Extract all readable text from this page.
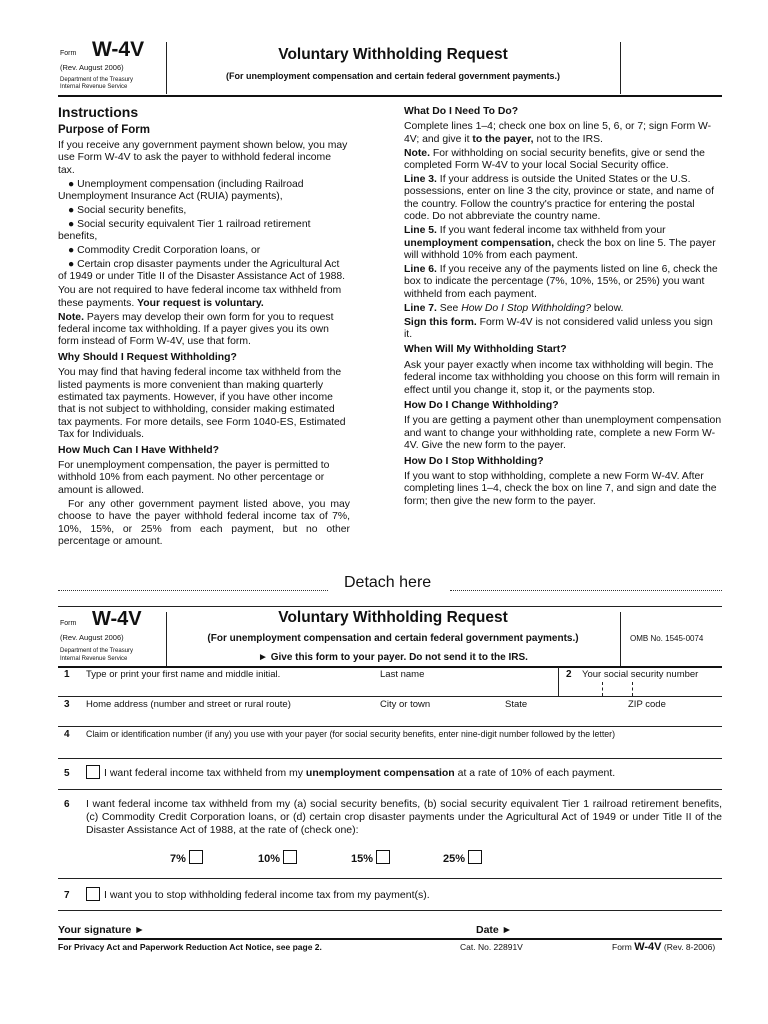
Form W-4V
(Rev. August 2006)
Department of the Treasury
Internal Revenue Service
Voluntary Withholding Request
(For unemployment compensation and certain federal government payments.)
Instructions
Purpose of Form

If you receive any government payment shown below, you may use Form W-4V to ask the payer to withhold federal income tax.

● Unemployment compensation (including Railroad Unemployment Insurance Act (RUIA) payments),

● Social security benefits,

● Social security equivalent Tier 1 railroad retirement benefits,

● Commodity Credit Corporation loans, or

● Certain crop disaster payments under the Agricultural Act of 1949 or under Title II of the Disaster Assistance Act of 1988.

You are not required to have federal income tax withheld from these payments. Your request is voluntary.

Note. Payers may develop their own form for you to request federal income tax withholding. If a payer gives you its own form instead of Form W-4V, use that form.

Why Should I Request Withholding?

You may find that having federal income tax withheld from the listed payments is more convenient than making quarterly estimated tax payments. However, if you have other income that is not subject to withholding, consider making estimated tax payments. For more details, see Form 1040-ES, Estimated Tax for Individuals.

How Much Can I Have Withheld?

For unemployment compensation, the payer is permitted to withhold 10% from each payment. No other percentage or amount is allowed.

For any other government payment listed above, you may choose to have the payer withhold federal income tax of 7%, 10%, 15%, or 25% from each payment, but no other percentage or amount.

What Do I Need To Do?

Complete lines 1–4; check one box on line 5, 6, or 7; sign Form W-4V; and give it to the payer, not to the IRS.

Note. For withholding on social security benefits, give or send the completed Form W-4V to your local Social Security office.

Line 3. If your address is outside the United States or the U.S. possessions, enter on line 3 the city, province or state, and name of the country. Follow the country's practice for entering the postal code. Do not abbreviate the country name.

Line 5. If you want federal income tax withheld from your unemployment compensation, check the box on line 5. The payer will withhold 10% from each payment.

Line 6. If you receive any of the payments listed on line 6, check the box to indicate the percentage (7%, 10%, 15%, or 25%) you want withheld from each payment.

Line 7. See How Do I Stop Withholding? below.

Sign this form. Form W-4V is not considered valid unless you sign it.

When Will My Withholding Start?

Ask your payer exactly when income tax withholding will begin. The federal income tax withholding you choose on this form will remain in effect until you change it, stop it, or the payments stop.

How Do I Change Withholding?

If you are getting a payment other than unemployment compensation and want to change your withholding rate, complete a new Form W-4V. Give the new form to the payer.

How Do I Stop Withholding?

If you want to stop withholding, complete a new Form W-4V. After completing lines 1–4, check the box on line 7, and sign and date the form; then give the new form to the payer.

Detach here
Form W-4V
(Rev. August 2006)
Department of the Treasury
Internal Revenue Service
Voluntary Withholding Request
(For unemployment compensation and certain federal government payments.)
► Give this form to your payer. Do not send it to the IRS.
OMB No. 1545-0074
1 Type or print your first name and middle initial.	Last name	2 Your social security number
3 Home address (number and street or rural route)	City or town	State	ZIP code
4 Claim or identification number (if any) you use with your payer (for social security benefits, enter nine-digit number followed by the letter)
5	I want federal income tax withheld from my unemployment compensation at a rate of 10% of each payment.
6 I want federal income tax withheld from my (a) social security benefits, (b) social security equivalent Tier 1 railroad retirement benefits, (c) Commodity Credit Corporation loans, or (d) certain crop disaster payments under the Agricultural Act of 1949 or under Title II of the Disaster Assistance Act of 1988, at the rate of (check one):
7%	10%	15%	25%
7	I want you to stop withholding federal income tax from my payment(s).
Your signature ►	Date ►
For Privacy Act and Paperwork Reduction Act Notice, see page 2.	Cat. No. 22891V	Form W-4V (Rev. 8-2006)
